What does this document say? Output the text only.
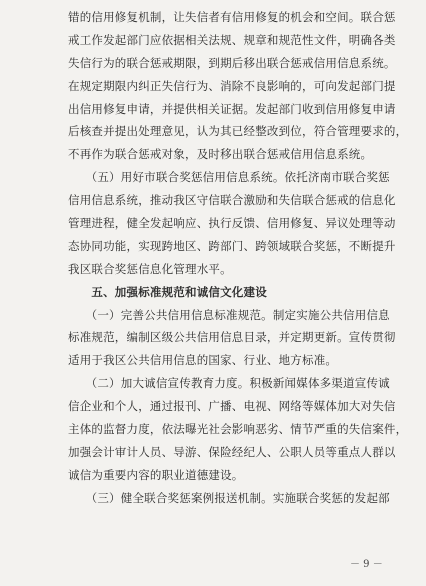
错的信用修复机制，让失信者有信用修复的机会和空间。联合惩
戒工作发起部门应依据相关法规、规章和规范性文件，明确各类
失信行为的联合惩戒期限，到期后移出联合惩戒信用信息系统。
在规定期限内纠正失信行为、消除不良影响的，可向发起部门提
出信用修复申请，并提供相关证据。发起部门收到信用修复申请
后核查并提出处理意见，认为其已经整改到位，符合管理要求的，
不再作为联合惩戒对象，及时移出联合惩戒信用信息系统。
　　（五）用好市联合奖惩信用信息系统。依托济南市联合奖惩
信用信息系统，推动我区守信联合激励和失信联合惩戒的信息化
管理进程，健全发起响应、执行反馈、信用修复、异议处理等动
态协同功能，实现跨地区、跨部门、跨领域联合奖惩，不断提升
我区联合奖惩信息化管理水平。
　　五、加强标准规范和诚信文化建设
　　（一）完善公共信用信息标准规范。制定实施公共信用信息
标准规范，编制区级公共信用信息目录，并定期更新。宣传贯彻
适用于我区公共信用信息的国家、行业、地方标准。
　　（二）加大诚信宣传教育力度。积极新闻媒体多渠道宣传诚
信企业和个人，通过报刊、广播、电视、网络等媒体加大对失信
主体的监督力度，依法曝光社会影响恶劣、情节严重的失信案件，
加强会计审计人员、导游、保险经纪人、公职人员等重点人群以
诚信为重要内容的职业道德建设。
　　（三）健全联合奖惩案例报送机制。实施联合奖惩的发起部
－ 9 －
